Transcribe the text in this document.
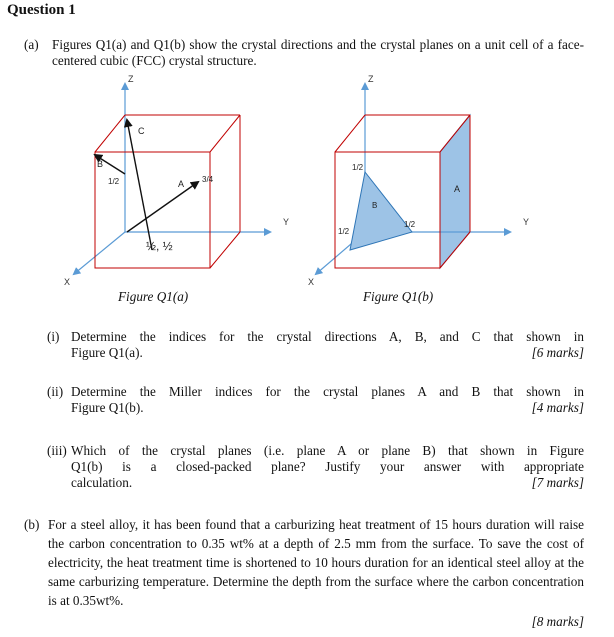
Question 1
(a) Figures Q1(a) and Q1(b) show the crystal directions and the crystal planes on a unit cell of a face-centered cubic (FCC) crystal structure.
Z
Y
X
C
B
1/2	A 3/4
½, ½
Z
Y
X
1/2
B
A
1/2
1/2
Figure Q1(a)	Figure Q1(b)
(i) Determine the indices for the crystal directions A, B, and C that shown in
Figure Q1(a).	[6 marks]
(ii) Determine the Miller indices for the crystal planes A and B that shown in
Figure Q1(b).	[4 marks]
(iii) Which of the crystal planes (i.e. plane A or plane B) that shown in Figure
Q1(b) is a closed-packed plane? Justify your answer with appropriate
calculation.	[7 marks]
(b) For a steel alloy, it has been found that a carburizing heat treatment of 15 hours duration will raise the carbon concentration to 0.35 wt% at a depth of 2.5 mm from the surface. To save the cost of electricity, the heat treatment time is shortened to 10 hours duration for an identical steel alloy at the same carburizing temperature. Determine the depth from the surface where the carbon concentration is at 0.35wt%.
[8 marks]
